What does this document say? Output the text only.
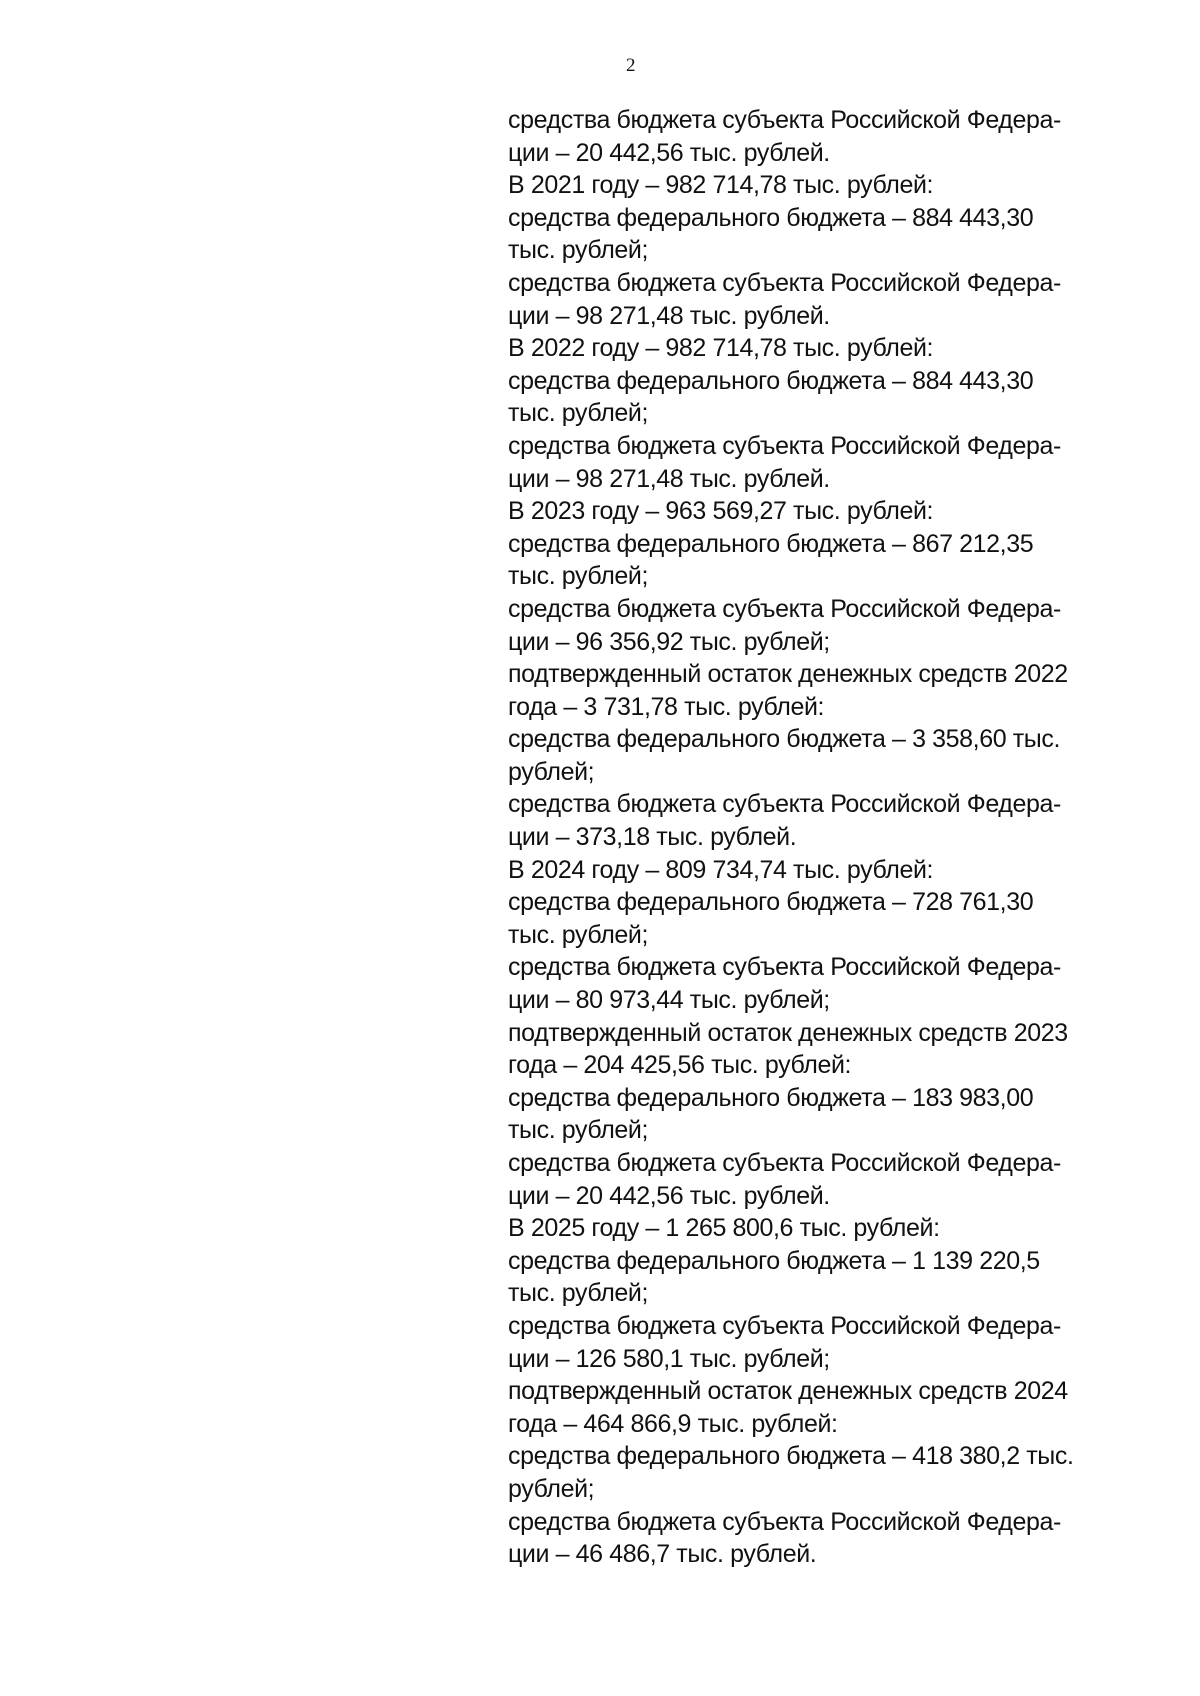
2
средства бюджета субъекта Российской Федера-
ции – 20 442,56 тыс. рублей.
В 2021 году – 982 714,78 тыс. рублей:
средства федерального бюджета – 884 443,30
тыс. рублей;
средства бюджета субъекта Российской Федера-
ции – 98 271,48 тыс. рублей.
В 2022 году – 982 714,78 тыс. рублей:
средства федерального бюджета – 884 443,30
тыс. рублей;
средства бюджета субъекта Российской Федера-
ции – 98 271,48 тыс. рублей.
В 2023 году – 963 569,27 тыс. рублей:
средства федерального бюджета – 867 212,35
тыс. рублей;
средства бюджета субъекта Российской Федера-
ции – 96 356,92 тыс. рублей;
подтвержденный остаток денежных средств 2022
года – 3 731,78 тыс. рублей:
средства федерального бюджета – 3 358,60 тыс.
рублей;
средства бюджета субъекта Российской Федера-
ции – 373,18 тыс. рублей.
В 2024 году – 809 734,74 тыс. рублей:
средства федерального бюджета – 728 761,30
тыс. рублей;
средства бюджета субъекта Российской Федера-
ции – 80 973,44 тыс. рублей;
подтвержденный остаток денежных средств 2023
года – 204 425,56 тыс. рублей:
средства федерального бюджета – 183 983,00
тыс. рублей;
средства бюджета субъекта Российской Федера-
ции – 20 442,56 тыс. рублей.
В 2025 году – 1 265 800,6 тыс. рублей:
средства федерального бюджета – 1 139 220,5
тыс. рублей;
средства бюджета субъекта Российской Федера-
ции – 126 580,1 тыс. рублей;
подтвержденный остаток денежных средств 2024
года – 464 866,9 тыс. рублей:
средства федерального бюджета – 418 380,2 тыс.
рублей;
средства бюджета субъекта Российской Федера-
ции – 46 486,7 тыс. рублей.
